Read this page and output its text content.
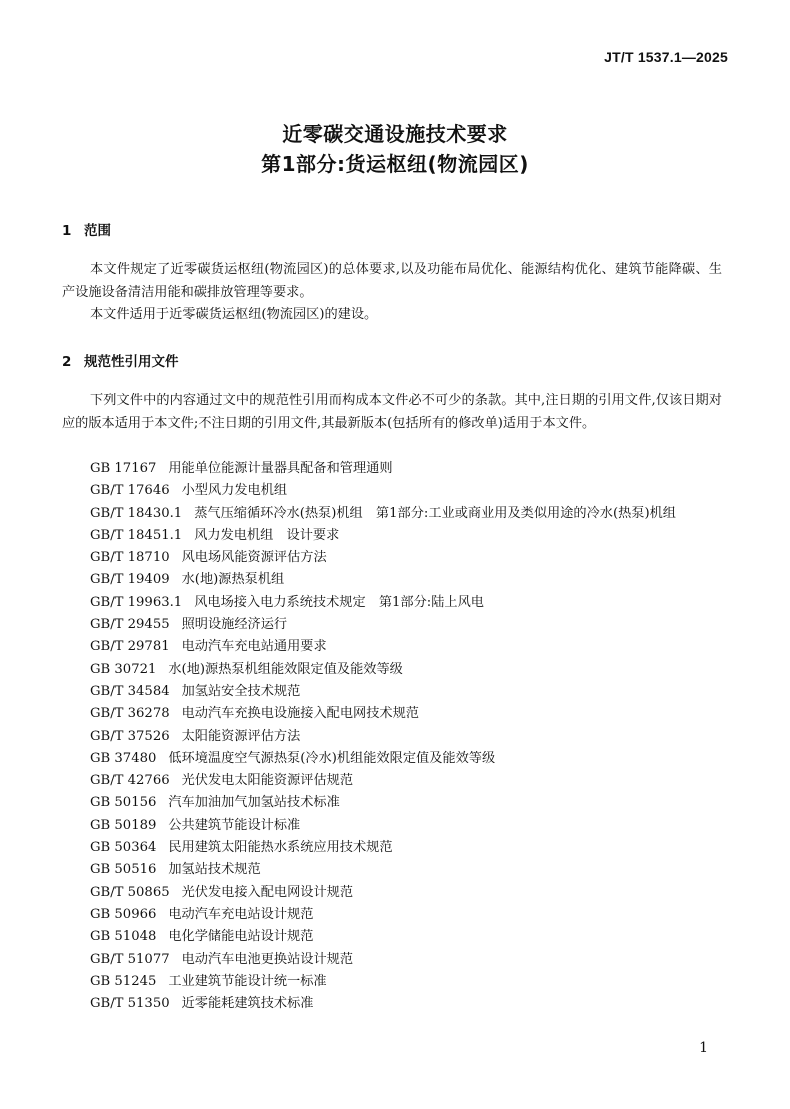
JT/T 1537.1—2025
近零碳交通设施技术要求
第1部分:货运枢纽(物流园区)
1 范围

本文件规定了近零碳货运枢纽(物流园区)的总体要求,以及功能布局优化、能源结构优化、建筑节能降碳、生产设施设备清洁用能和碳排放管理等要求。

本文件适用于近零碳货运枢纽(物流园区)的建设。

2 规范性引用文件

下列文件中的内容通过文中的规范性引用而构成本文件必不可少的条款。其中,注日期的引用文件,仅该日期对应的版本适用于本文件;不注日期的引用文件,其最新版本(包括所有的修改单)适用于本文件。

GB 17167 用能单位能源计量器具配备和管理通则
GB/T 17646 小型风力发电机组
GB/T 18430.1 蒸气压缩循环冷水(热泵)机组　第1部分:工业或商业用及类似用途的冷水(热泵)机组
GB/T 18451.1 风力发电机组　设计要求
GB/T 18710 风电场风能资源评估方法
GB/T 19409 水(地)源热泵机组
GB/T 19963.1 风电场接入电力系统技术规定　第1部分:陆上风电
GB/T 29455 照明设施经济运行
GB/T 29781 电动汽车充电站通用要求
GB 30721 水(地)源热泵机组能效限定值及能效等级
GB/T 34584 加氢站安全技术规范
GB/T 36278 电动汽车充换电设施接入配电网技术规范
GB/T 37526 太阳能资源评估方法
GB 37480 低环境温度空气源热泵(冷水)机组能效限定值及能效等级
GB/T 42766 光伏发电太阳能资源评估规范
GB 50156 汽车加油加气加氢站技术标准
GB 50189 公共建筑节能设计标准
GB 50364 民用建筑太阳能热水系统应用技术规范
GB 50516 加氢站技术规范
GB/T 50865 光伏发电接入配电网设计规范
GB 50966 电动汽车充电站设计规范
GB 51048 电化学储能电站设计规范
GB/T 51077 电动汽车电池更换站设计规范
GB 51245 工业建筑节能设计统一标准
GB/T 51350 近零能耗建筑技术标准
1
